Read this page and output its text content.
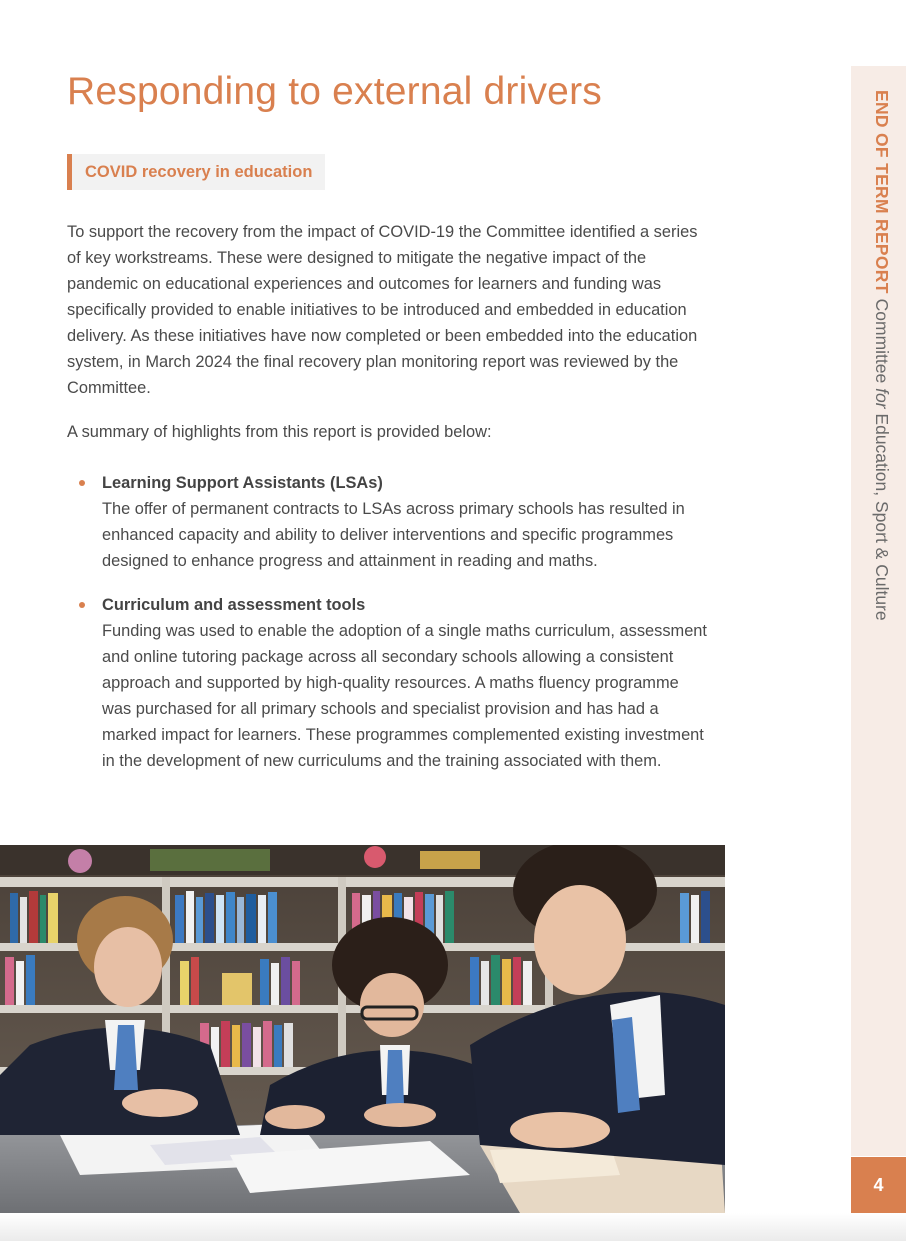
Responding to external drivers
COVID recovery in education

To support the recovery from the impact of COVID-19 the Committee identified a series of key workstreams. These were designed to mitigate the negative impact of the pandemic on educational experiences and outcomes for learners and funding was specifically provided to enable initiatives to be introduced and embedded in education delivery. As these initiatives have now completed or been embedded into the education system, in March 2024 the final recovery plan monitoring report was reviewed by the Committee.

A summary of highlights from this report is provided below:

Learning Support Assistants (LSAs)
The offer of permanent contracts to LSAs across primary schools has resulted in enhanced capacity and ability to deliver interventions and specific programmes designed to enhance progress and attainment in reading and maths.
Curriculum and assessment tools
Funding was used to enable the adoption of a single maths curriculum, assessment and online tutoring package across all secondary schools allowing a consistent approach and supported by high-quality resources. A maths fluency programme was purchased for all primary schools and specialist provision and has had a marked impact for learners. These programmes complemented existing investment in the development of new curriculums and the training associated with them.
END OF TERM REPORT Committee for Education, Sport & Culture
4
